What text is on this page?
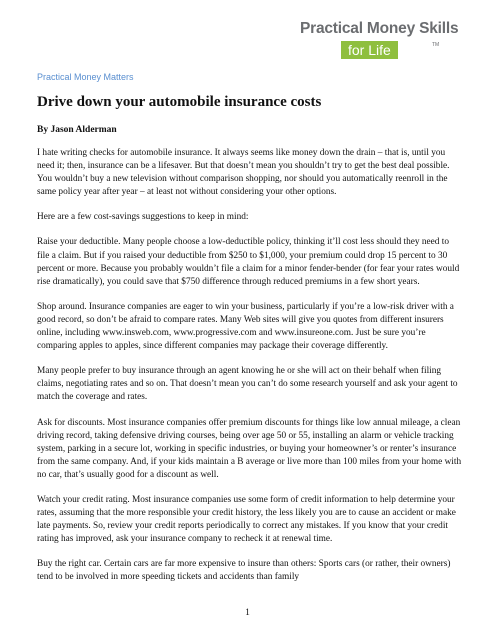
Practical Money Skills
for Life	TM

Practical Money Matters

Drive down your automobile insurance costs

By Jason Alderman

I hate writing checks for automobile insurance. It always seems like money down the drain – that is, until you need it; then, insurance can be a lifesaver. But that doesn’t mean you shouldn’t try to get the best deal possible. You wouldn’t buy a new television without comparison shopping, nor should you automatically reenroll in the same policy year after year – at least not without considering your other options.

Here are a few cost-savings suggestions to keep in mind:

Raise your deductible. Many people choose a low-deductible policy, thinking it’ll cost less should they need to file a claim. But if you raised your deductible from $250 to $1,000, your premium could drop 15 percent to 30 percent or more. Because you probably wouldn’t file a claim for a minor fender-bender (for fear your rates would rise dramatically), you could save that $750 difference through reduced premiums in a few short years.

Shop around. Insurance companies are eager to win your business, particularly if you’re a low-risk driver with a good record, so don’t be afraid to compare rates. Many Web sites will give you quotes from different insurers online, including www.insweb.com, www.progressive.com and www.insureone.com. Just be sure you’re comparing apples to apples, since different companies may package their coverage differently.

Many people prefer to buy insurance through an agent knowing he or she will act on their behalf when filing claims, negotiating rates and so on. That doesn’t mean you can’t do some research yourself and ask your agent to match the coverage and rates.

Ask for discounts. Most insurance companies offer premium discounts for things like low annual mileage, a clean driving record, taking defensive driving courses, being over age 50 or 55, installing an alarm or vehicle tracking system, parking in a secure lot, working in specific industries, or buying your homeowner’s or renter’s insurance from the same company. And, if your kids maintain a B average or live more than 100 miles from your home with no car, that’s usually good for a discount as well.

Watch your credit rating. Most insurance companies use some form of credit information to help determine your rates, assuming that the more responsible your credit history, the less likely you are to cause an accident or make late payments. So, review your credit reports periodically to correct any mistakes. If you know that your credit rating has improved, ask your insurance company to recheck it at renewal time.

Buy the right car. Certain cars are far more expensive to insure than others: Sports cars (or rather, their owners) tend to be involved in more speeding tickets and accidents than family

1
